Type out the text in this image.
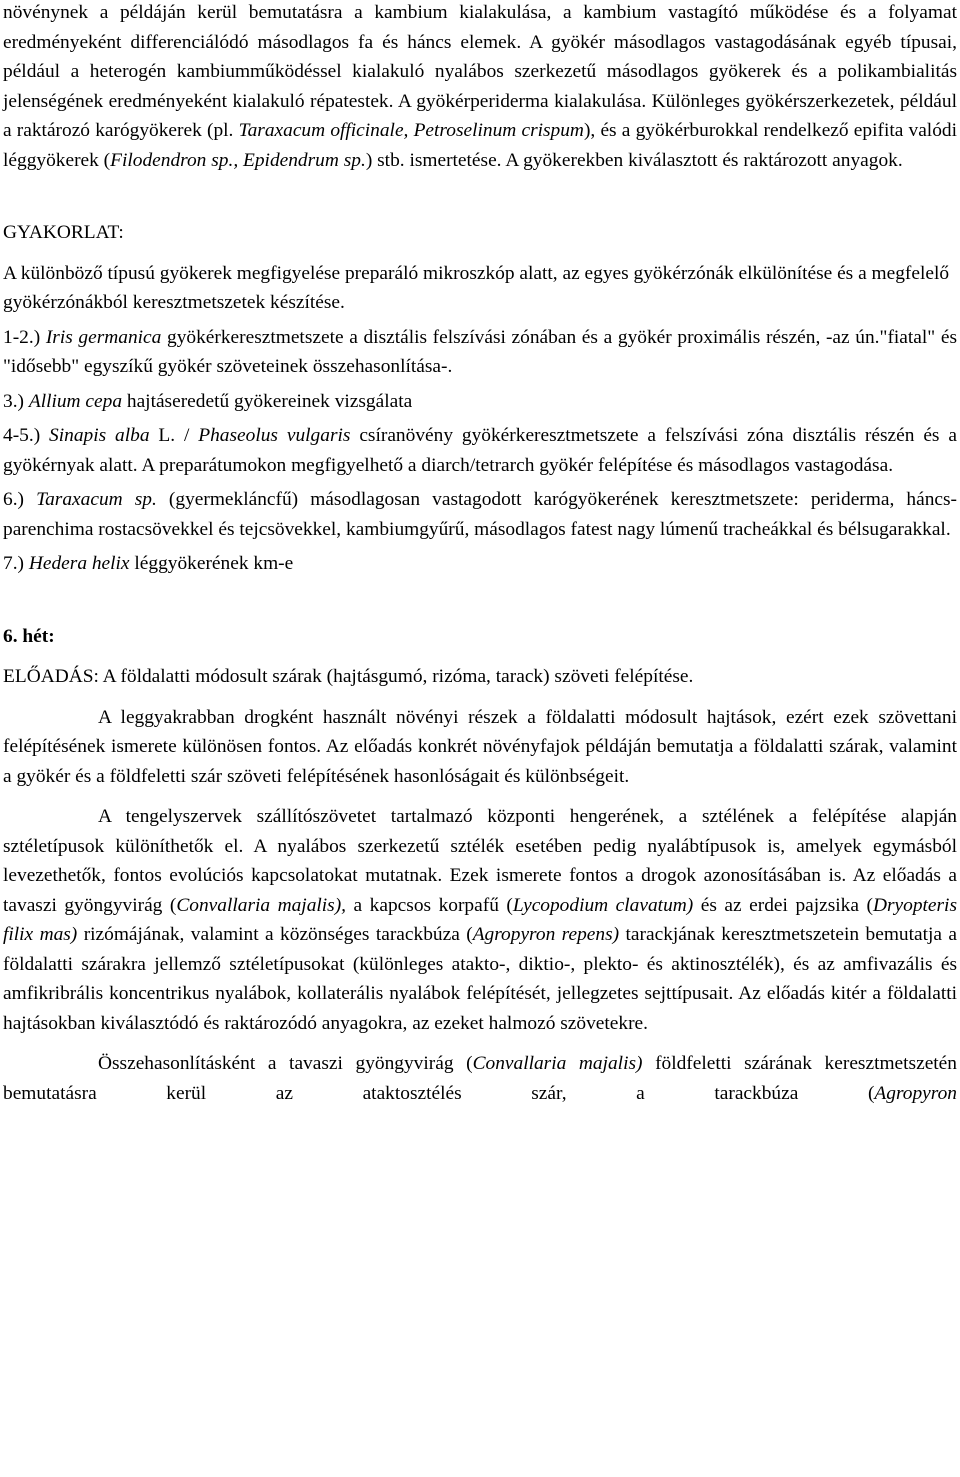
növénynek a példáján kerül bemutatásra a kambium kialakulása, a kambium vastagító működése és a folyamat eredményeként differenciálódó másodlagos fa és háncs elemek. A gyökér másodlagos vastagodásának egyéb típusai, például a heterogén kambiumműködéssel kialakuló nyalábos szerkezetű másodlagos gyökerek és a polikambialitás jelenségének eredményeként kialakuló répatestek. A gyökérperiderma kialakulása. Különleges gyökérszerkezetek, például a raktározó karógyökerek (pl. Taraxacum officinale, Petroselinum crispum), és a gyökérburokkal rendelkező epifita valódi léggyökerek (Filodendron sp., Epidendrum sp.) stb. ismertetése. A gyökerekben kiválasztott és raktározott anyagok.

GYAKORLAT:

A különböző típusú gyökerek megfigyelése preparáló mikroszkóp alatt, az egyes gyökérzónák elkülönítése és a megfelelő gyökérzónákból keresztmetszetek készítése.

1-2.) Iris germanica gyökérkeresztmetszete a disztális felszívási zónában és a gyökér proximális részén, -az ún."fiatal" és "idősebb" egyszíkű gyökér szöveteinek összehasonlítása-.

3.) Allium cepa hajtáseredetű gyökereinek vizsgálata

4-5.) Sinapis alba L. / Phaseolus vulgaris csíranövény gyökérkeresztmetszete a felszívási zóna disztális részén és a gyökérnyak alatt. A preparátumokon megfigyelhető a diarch/tetrarch gyökér felépítése és másodlagos vastagodása.

6.) Taraxacum sp. (gyermekláncfű) másodlagosan vastagodott karógyökerének keresztmetszete: periderma, háncs-parenchima rostacsövekkel és tejcsövekkel, kambiumgyűrű, másodlagos fatest nagy lúmenű tracheákkal és bélsugarakkal.

7.) Hedera helix léggyökerének km-e

6. hét:

ELŐADÁS: A földalatti módosult szárak (hajtásgumó, rizóma, tarack) szöveti felépítése.

A leggyakrabban drogként használt növényi részek a földalatti módosult hajtások, ezért ezek szövettani felépítésének ismerete különösen fontos. Az előadás konkrét növényfajok példáján bemutatja a földalatti szárak, valamint a gyökér és a földfeletti szár szöveti felépítésének hasonlóságait és különbségeit.

A tengelyszervek szállítószövetet tartalmazó központi hengerének, a sztélének a felépítése alapján sztéletípusok különíthetők el. A nyalábos szerkezetű sztélék esetében pedig nyalábtípusok is, amelyek egymásból levezethetők, fontos evolúciós kapcsolatokat mutatnak. Ezek ismerete fontos a drogok azonosításában is. Az előadás a tavaszi gyöngyvirág (Convallaria majalis), a kapcsos korpafű (Lycopodium clavatum) és az erdei pajzsika (Dryopteris filix mas) rizómájának, valamint a közönséges tarackbúza (Agropyron repens) tarackjának keresztmetszetein bemutatja a földalatti szárakra jellemző sztéletípusokat (különleges atakto-, diktio-, plekto- és aktinosztélék), és az amfivazális és amfikribrális koncentrikus nyalábok, kollaterális nyalábok felépítését, jellegzetes sejttípusait. Az előadás kitér a földalatti hajtásokban kiválasztódó és raktározódó anyagokra, az ezeket halmozó szövetekre.

Összehasonlításként a tavaszi gyöngyvirág (Convallaria majalis) földfeletti szárának keresztmetszetén bemutatásra kerül az ataktosztélés szár, a tarackbúza (Agropyron
